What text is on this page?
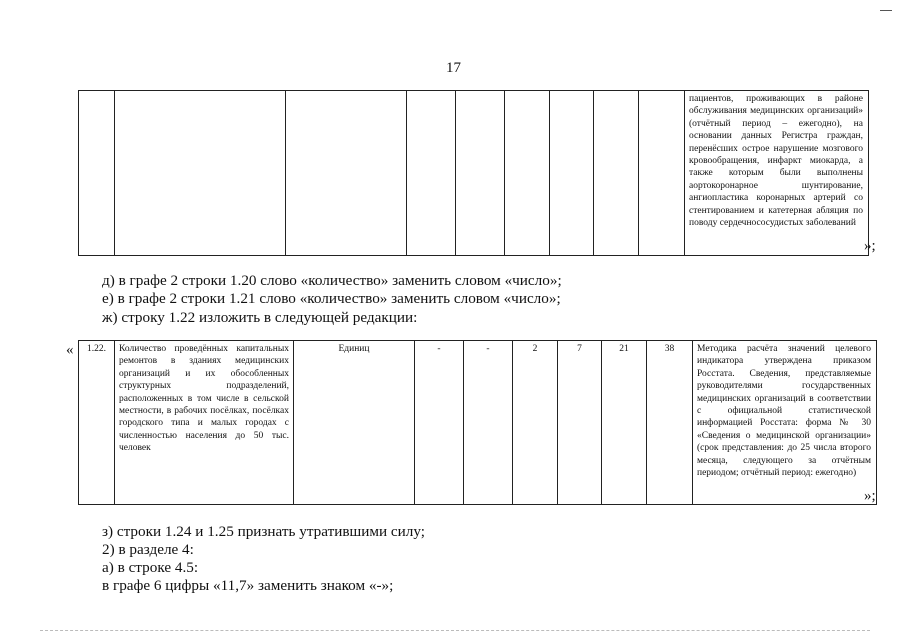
17
									пациентов, проживающих в районе обслуживания медицинских организаций» (отчётный период – ежегодно), на основании данных Регистра граждан, перенёсших острое нарушение мозгового кровообращения, инфаркт миокарда, а также которым были выполнены аортокоронарное шунтирование, ангиопластика коронарных артерий со стентированием и катетерная абляция по поводу сердечнососудистых заболеваний
»;
д) в графе 2 строки 1.20 слово «количество» заменить словом «число»;
е) в графе 2 строки 1.21 слово «количество» заменить словом «число»;
ж) строку 1.22 изложить в следующей редакции:
« 1.22.	Количество проведённых капитальных ремонтов в зданиях медицинских организаций и их обособленных структурных подразделений, расположенных в том числе в сельской местности, в рабочих посёлках, посёлках городского типа и малых городах с численностью населения до 50 тыс. человек	Единиц	-	-	2	7	21	38	Методика расчёта значений целевого индикатора утверждена приказом Росстата. Сведения, представляемые руководителями государственных медицинских организаций в соответствии с официальной статистической информацией Росстата: форма № 30 «Сведения о медицинской организации» (срок представления: до 25 числа второго месяца, следующего за отчётным периодом; отчётный период: ежегодно)
»;
з) строки 1.24 и 1.25 признать утратившими силу;
2) в разделе 4:
а) в строке 4.5:
в графе 6 цифры «11,7» заменить знаком «-»;
